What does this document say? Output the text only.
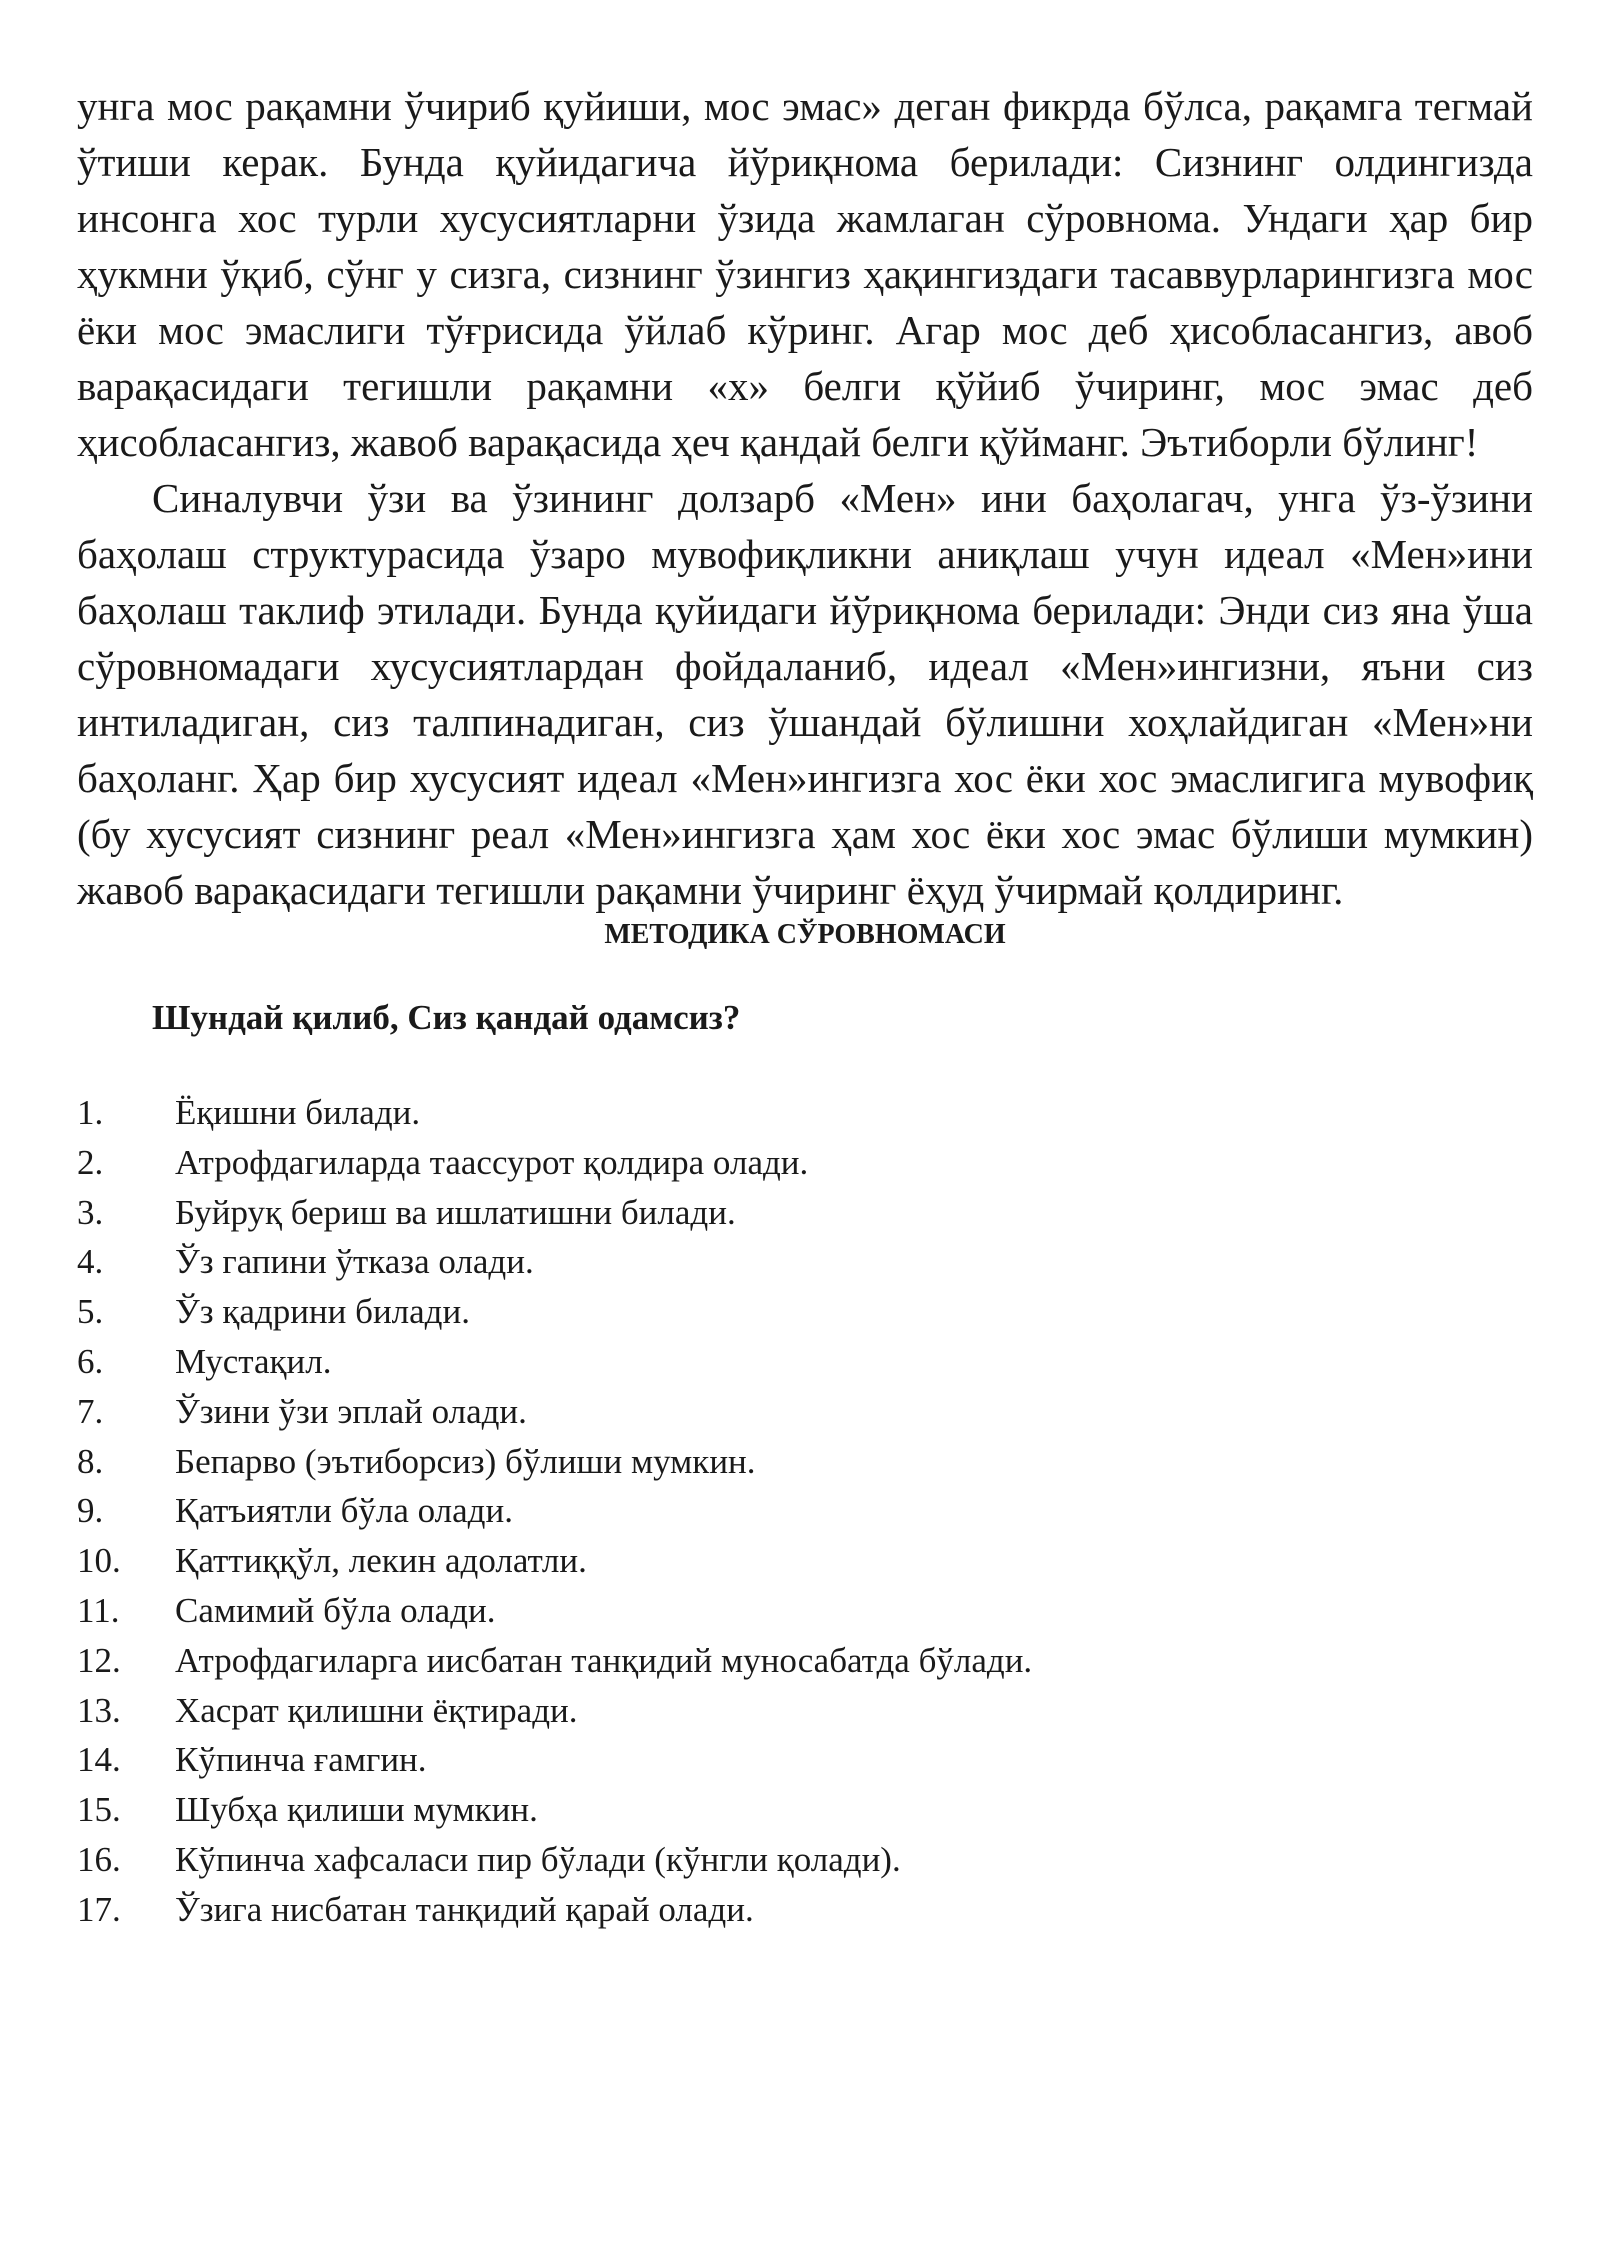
унга мос рақамни ўчириб қуйиши, мос эмас» деган фикрда бўлса, рақамга тегмай ўтиши керак. Бунда қуйидагича йўриқнома берилади: Сизнинг олдингизда инсонга хос турли хусусиятларни ўзида жамлаган сўровнома. Ундаги ҳар бир ҳукмни ўқиб, сўнг у сизга, сизнинг ўзингиз ҳақингиздаги тасаввурларингизга мос ёки мос эмаслиги тўғрисида ўйлаб кўринг. Агар мос деб ҳисобласангиз, авоб варақасидаги тегишли рақамни «х» белги қўйиб ўчиринг, мос эмас деб ҳисобласангиз, жавоб варақасида ҳеч қандай белги қўйманг. Эътиборли бўлинг!

Синалувчи ўзи ва ўзининг долзарб «Мен» ини баҳолагач, унга ўз-ўзини баҳолаш структурасида ўзаро мувофиқликни аниқлаш учун идеал «Мен»ини баҳолаш таклиф этилади. Бунда қуйидаги йўриқнома берилади: Энди сиз яна ўша сўровномадаги хусусиятлардан фойдаланиб, идеал «Мен»ингизни, яъни сиз интиладиган, сиз талпинадиган, сиз ўшандай бўлишни хоҳлайдиган «Мен»ни баҳоланг. Ҳар бир хусусият идеал «Мен»ингизга хос ёки хос эмаслигига мувофиқ (бу хусусият сизнинг реал «Мен»ингизга ҳам хос ёки хос эмас бўлиши мумкин) жавоб варақасидаги тегишли рақамни ўчиринг ёҳуд ўчирмай қолдиринг.

МЕТОДИКА СЎРОВНОМАСИ

Шундай қилиб, Сиз қандай одамсиз?

1.	Ёқишни билади.
2.	Атрофдагиларда таассурот қолдира олади.
3.	Буйруқ бериш ва ишлатишни билади.
4.	Ўз гапини ўтказа олади.
5.	Ўз қадрини билади.
6.	Мустақил.
7.	Ўзини ўзи эплай олади.
8.	Бепарво (эътиборсиз) бўлиши мумкин.
9.	Қатъиятли бўла олади.
10.	Қаттиққўл, лекин адолатли.
11.	Самимий бўла олади.
12.	Атрофдагиларга иисбатан танқидий муносабатда бўлади.
13.	Хасрат қилишни ёқтиради.
14.	Кўпинча ғамгин.
15.	Шубҳа қилиши мумкин.
16.	Кўпинча хафсаласи пир бўлади (кўнгли қолади).
17.	Ўзига нисбатан танқидий қарай олади.
